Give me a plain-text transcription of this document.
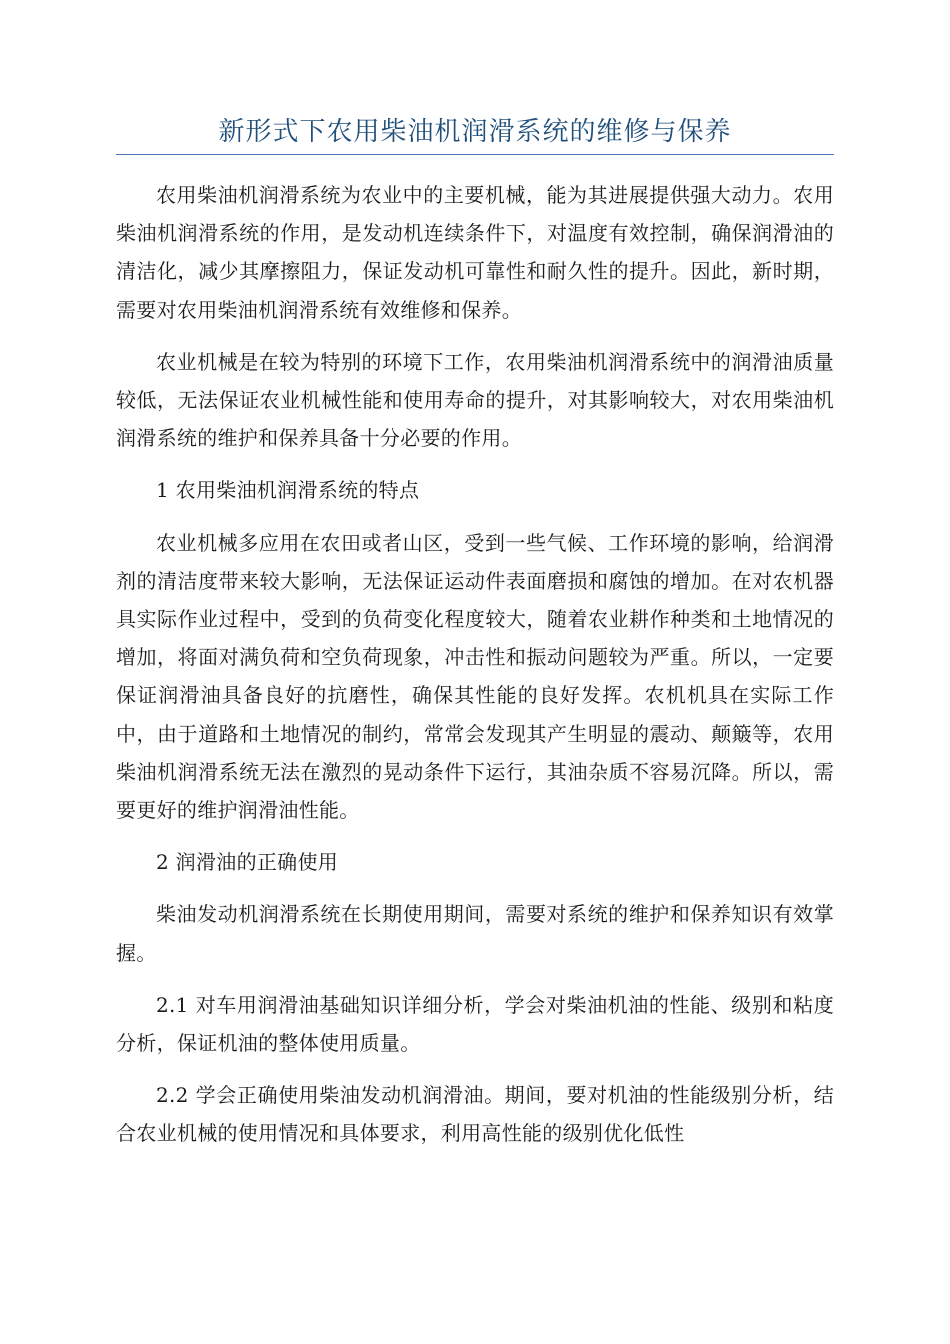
新形式下农用柴油机润滑系统的维修与保养

农用柴油机润滑系统为农业中的主要机械，能为其进展提供强大动力。农用柴油机润滑系统的作用，是发动机连续条件下，对温度有效控制，确保润滑油的清洁化，减少其摩擦阻力，保证发动机可靠性和耐久性的提升。因此，新时期，需要对农用柴油机润滑系统有效维修和保养。

农业机械是在较为特别的环境下工作，农用柴油机润滑系统中的润滑油质量较低，无法保证农业机械性能和使用寿命的提升，对其影响较大，对农用柴油机润滑系统的维护和保养具备十分必要的作用。

1 农用柴油机润滑系统的特点

农业机械多应用在农田或者山区，受到一些气候、工作环境的影响，给润滑剂的清洁度带来较大影响，无法保证运动件表面磨损和腐蚀的增加。在对农机器具实际作业过程中，受到的负荷变化程度较大，随着农业耕作种类和土地情况的增加，将面对满负荷和空负荷现象，冲击性和振动问题较为严重。所以，一定要保证润滑油具备良好的抗磨性，确保其性能的良好发挥。农机机具在实际工作中，由于道路和土地情况的制约，常常会发现其产生明显的震动、颠簸等，农用柴油机润滑系统无法在激烈的晃动条件下运行，其油杂质不容易沉降。所以，需要更好的维护润滑油性能。

2 润滑油的正确使用

柴油发动机润滑系统在长期使用期间，需要对系统的维护和保养知识有效掌握。

2.1 对车用润滑油基础知识详细分析，学会对柴油机油的性能、级别和粘度分析，保证机油的整体使用质量。

2.2 学会正确使用柴油发动机润滑油。期间，要对机油的性能级别分析，结合农业机械的使用情况和具体要求，利用高性能的级别优化低性
